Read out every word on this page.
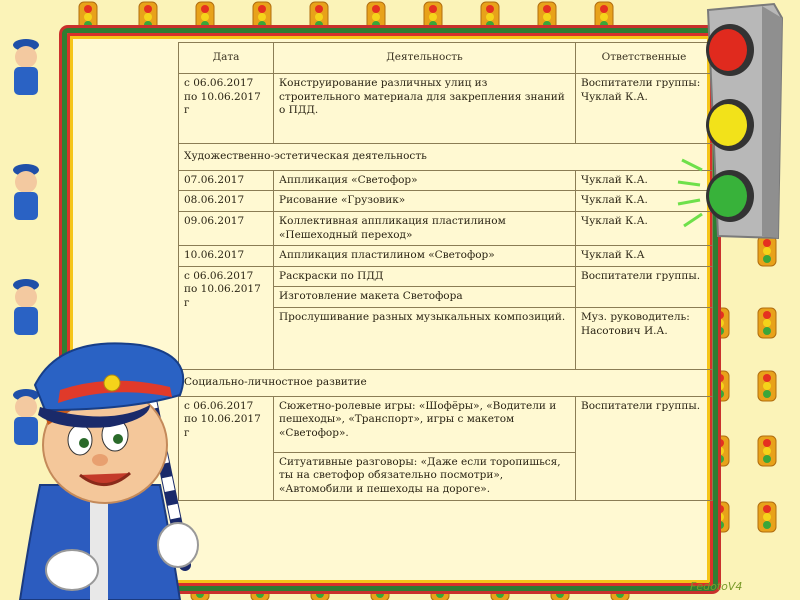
Дата	Деятельность	Ответственные
с 06.06.2017 по 10.06.2017 г	Конструирование различных улиц из строительного материала для закрепления знаний о ПДД.	Воспитатели группы: Чуклай К.А.
Художественно-эстетическая деятельность		
07.06.2017	Аппликация «Светофор»	Чуклай К.А.
08.06.2017	Рисование «Грузовик»	Чуклай К.А.
09.06.2017	Коллективная аппликация пластилином «Пешеходный переход»	Чуклай К.А.
10.06.2017	Аппликация пластилином «Светофор»	Чуклай К.А
с 06.06.2017 по 10.06.2017 г	Раскраски по ПДД	Воспитатели группы.
	Изготовление макета Светофора	
	Прослушивание разных музыкальных композиций.	Муз. руководитель: Насотович И.А.
Социально-личностное развитие		
с 06.06.2017 по 10.06.2017 г	Сюжетно-ролевые игры: «Шофёры», «Водители и пешеходы», «Транспорт», игры с макетом «Светофор».	Воспитатели группы.
	Ситуативные разговоры: «Даже если торопишься, ты на светофор обязательно посмотри», «Автомобили и пешеходы на дороге».	
FedotoV4
